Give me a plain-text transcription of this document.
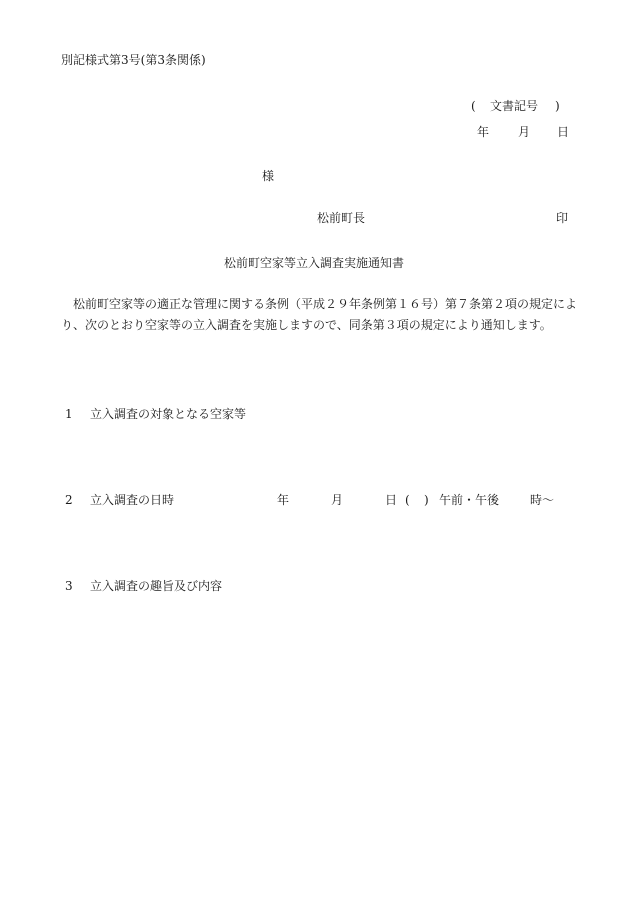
別記様式第3号(第3条関係)
( 文書記号 )
年 月 日
様
松前町長	印
松前町空家等立入調査実施通知書
　松前町空家等の適正な管理に関する条例（平成２９年条例第１６号）第７条第２項の規定により、次のとおり空家等の立入調査を実施しますので、同条第３項の規定により通知します。
1 立入調査の対象となる空家等
2 立入調査の日時	年	月	日 ( ) 午前・午後	時～
3 立入調査の趣旨及び内容
